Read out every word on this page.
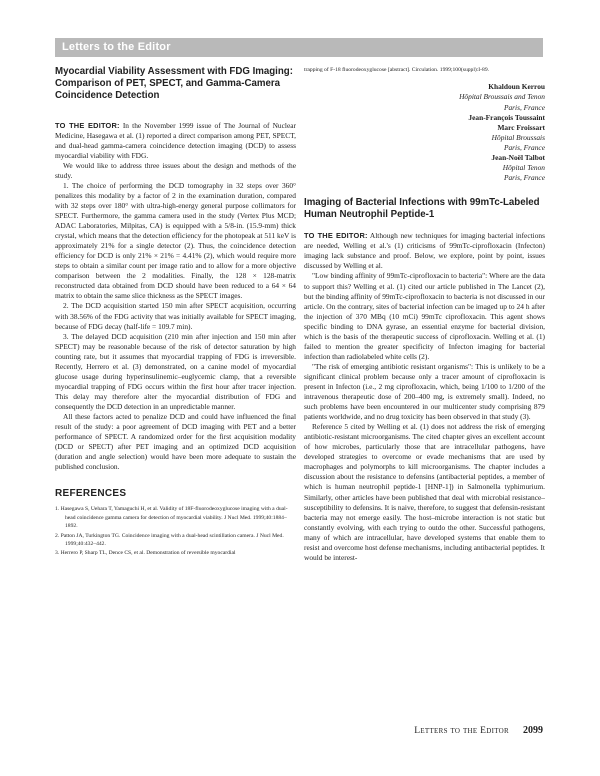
Letters to the Editor
Myocardial Viability Assessment with FDG Imaging: Comparison of PET, SPECT, and Gamma-Camera Coincidence Detection

TO THE EDITOR: In the November 1999 issue of The Journal of Nuclear Medicine, Hasegawa et al. (1) reported a direct comparison among PET, SPECT, and dual-head gamma-camera coincidence detection imaging (DCD) to assess myocardial viability with FDG.

We would like to address three issues about the design and methods of the study.

1. The choice of performing the DCD tomography in 32 steps over 360° penalizes this modality by a factor of 2 in the examination duration, compared with 32 steps over 180° with ultra-high-energy general purpose collimators for SPECT. Furthermore, the gamma camera used in the study (Vertex Plus MCD; ADAC Laboratories, Milpitas, CA) is equipped with a 5/8-in. (15.9-mm) thick crystal, which means that the detection efficiency for the photopeak at 511 keV is approximately 21% for a single detector (2). Thus, the coincidence detection efficiency for DCD is only 21% × 21% = 4.41% (2), which would require more steps to obtain a similar count per image ratio and to allow for a more objective comparison between the 2 modalities. Finally, the 128 × 128-matrix reconstructed data obtained from DCD should have been reduced to a 64 × 64 matrix to obtain the same slice thickness as the SPECT images.

2. The DCD acquisition started 150 min after SPECT acquisition, occurring with 38.56% of the FDG activity that was initially available for SPECT imaging, because of FDG decay (half-life = 109.7 min).

3. The delayed DCD acquisition (210 min after injection and 150 min after SPECT) may be reasonable because of the risk of detector saturation by high counting rate, but it assumes that myocardial trapping of FDG is irreversible. Recently, Herrero et al. (3) demonstrated, on a canine model of myocardial glucose usage during hyperinsulinemic–euglycemic clamp, that a reversible myocardial trapping of FDG occurs within the first hour after tracer injection. This delay may therefore alter the myocardial distribution of FDG and consequently the DCD detection in an unpredictable manner.

All these factors acted to penalize DCD and could have influenced the final result of the study: a poor agreement of DCD imaging with PET and a better performance of SPECT. A randomized order for the first acquisition modality (DCD or SPECT) after PET imaging and an optimized DCD acquisition (duration and angle selection) would have been more adequate to sustain the published conclusion.

REFERENCES
1. Hasegawa S, Uehara T, Yamaguchi H, et al. Validity of 18F-fluorodeoxyglucose imaging with a dual-head coincidence gamma camera for detection of myocardial viability. J Nucl Med. 1999;40:1884–1892.
2. Patton JA, Turkington TG. Coincidence imaging with a dual-head scintillation camera. J Nucl Med. 1999;40:432–442.
3. Herrero P, Sharp TL, Dence CS, et al. Demonstration of reversible myocardial

trapping of F-18 fluorodeoxyglucose [abstract]. Circulation. 1999;100(suppl):I-89.

Khaldoun Kerrou
Hôpital Broussais and Tenon
Paris, France
Jean-François Toussaint
Marc Froissart
Hôpital Broussais
Paris, France
Jean-Noël Talbot
Hôpital Tenon
Paris, France
Imaging of Bacterial Infections with 99mTc-Labeled Human Neutrophil Peptide-1

TO THE EDITOR: Although new techniques for imaging bacterial infections are needed, Welling et al.'s (1) criticisms of 99mTc-ciprofloxacin (Infecton) imaging lack substance and proof. Below, we explore, point by point, issues discussed by Welling et al.

"Low binding affinity of 99mTc-ciprofloxacin to bacteria": Where are the data to support this? Welling et al. (1) cited our article published in The Lancet (2), but the binding affinity of 99mTc-ciprofloxacin to bacteria is not discussed in our article. On the contrary, sites of bacterial infection can be imaged up to 24 h after the injection of 370 MBq (10 mCi) 99mTc ciprofloxacin. This agent shows specific binding to DNA gyrase, an essential enzyme for bacterial division, which is the basis of the therapeutic success of ciprofloxacin. Welling et al. (1) failed to mention the greater specificity of Infecton imaging for bacterial infection than radiolabeled white cells (2).

"The risk of emerging antibiotic resistant organisms": This is unlikely to be a significant clinical problem because only a tracer amount of ciprofloxacin is present in Infecton (i.e., 2 mg ciprofloxacin, which, being 1/100 to 1/200 of the intravenous therapeutic dose of 200–400 mg, is extremely small). Indeed, no such problems have been encountered in our multicenter study comprising 879 patients worldwide, and no drug toxicity has been observed in that study (3).

Reference 5 cited by Welling et al. (1) does not address the risk of emerging antibiotic-resistant microorganisms. The cited chapter gives an excellent account of how microbes, particularly those that are intracellular pathogens, have developed strategies to overcome or evade mechanisms that are used by macrophages and polymorphs to kill microorganisms. The chapter includes a discussion about the resistance to defensins (antibacterial peptides, a member of which is human neutrophil peptide-1 [HNP-1]) in Salmonella typhimurium. Similarly, other articles have been published that deal with microbial resistance–susceptibility to defensins. It is naive, therefore, to suggest that defensin-resistant bacteria may not emerge easily. The host–microbe interaction is not static but constantly evolving, with each trying to outdo the other. Successful pathogens, many of which are intracellular, have developed systems that enable them to resist and overcome host defense mechanisms, including antibacterial peptides. It would be interest-

Letters to the Editor 2099
